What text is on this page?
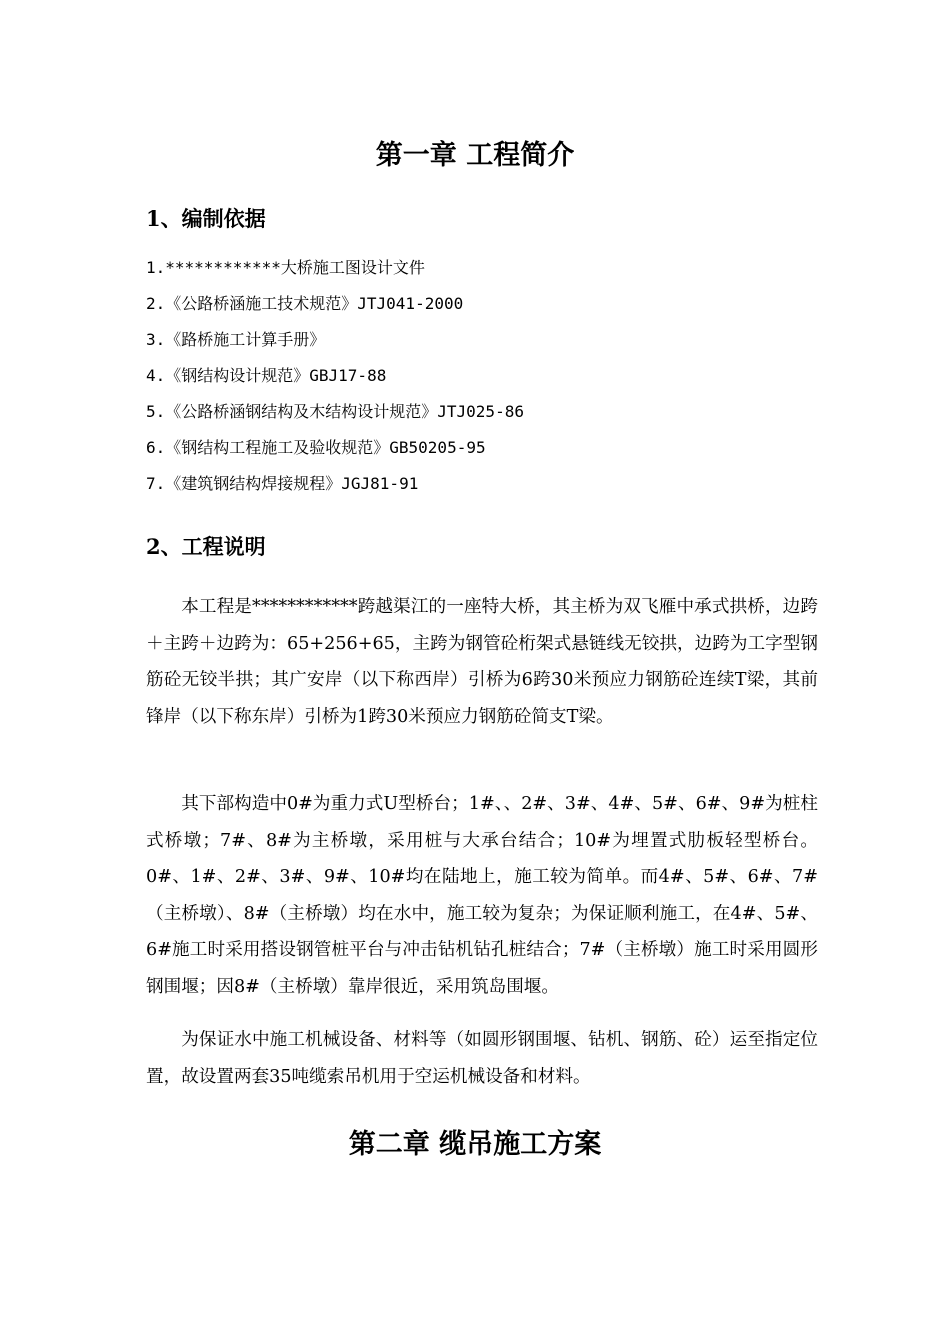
第一章 工程简介
1、编制依据
1.************大桥施工图设计文件
2.《公路桥涵施工技术规范》JTJ041-2000
3.《路桥施工计算手册》
4.《钢结构设计规范》GBJ17-88
5.《公路桥涵钢结构及木结构设计规范》JTJ025-86
6.《钢结构工程施工及验收规范》GB50205-95
7.《建筑钢结构焊接规程》JGJ81-91
2、工程说明

本工程是************跨越渠江的一座特大桥，其主桥为双飞雁中承式拱桥，边跨＋主跨＋边跨为：65+256+65，主跨为钢管砼桁架式悬链线无铰拱，边跨为工字型钢筋砼无铰半拱；其广安岸（以下称西岸）引桥为6跨30米预应力钢筋砼连续T梁，其前锋岸（以下称东岸）引桥为1跨30米预应力钢筋砼简支T梁。

其下部构造中0#为重力式U型桥台；1#、、2#、3#、4#、5#、6#、9#为桩柱式桥墩；7#、8#为主桥墩，采用桩与大承台结合；10#为埋置式肋板轻型桥台。0#、1#、2#、3#、9#、10#均在陆地上，施工较为简单。而4#、5#、6#、7#（主桥墩）、8#（主桥墩）均在水中，施工较为复杂；为保证顺利施工，在4#、5#、6#施工时采用搭设钢管桩平台与冲击钻机钻孔桩结合；7#（主桥墩）施工时采用圆形钢围堰；因8#（主桥墩）靠岸很近，采用筑岛围堰。

为保证水中施工机械设备、材料等（如圆形钢围堰、钻机、钢筋、砼）运至指定位置，故设置两套35吨缆索吊机用于空运机械设备和材料。

第二章 缆吊施工方案
